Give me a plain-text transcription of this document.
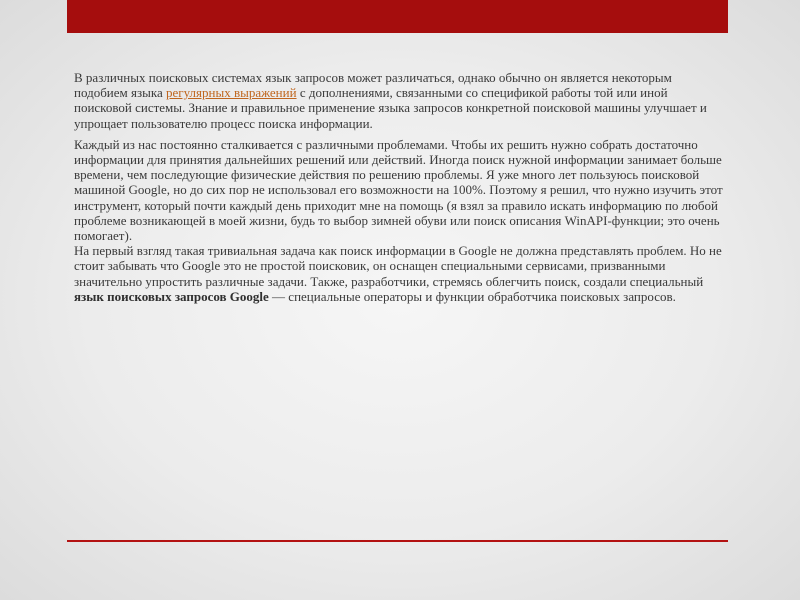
В различных поисковых системах язык запросов может различаться, однако обычно он является некоторым подобием языка регулярных выражений с дополнениями, связанными со спецификой работы той или иной поисковой системы. Знание и правильное применение языка запросов конкретной поисковой машины улучшает и упрощает пользователю процесс поиска информации.

Каждый из нас постоянно сталкивается с различными проблемами. Чтобы их решить нужно собрать достаточно информации для принятия дальнейших решений или действий. Иногда поиск нужной информации занимает больше времени, чем последующие физические действия по решению проблемы. Я уже много лет пользуюсь поисковой машиной Google, но до сих пор не использовал его возможности на 100%. Поэтому я решил, что нужно изучить этот инструмент, который почти каждый день приходит мне на помощь (я взял за правило искать информацию по любой проблеме возникающей в моей жизни, будь то выбор зимней обуви или поиск описания WinAPI-функции; это очень помогает).

На первый взгляд такая тривиальная задача как поиск информации в Google не должна представлять проблем. Но не стоит забывать что Google это не простой поисковик, он оснащен специальными сервисами, призванными значительно упростить различные задачи. Также, разработчики, стремясь облегчить поиск, создали специальный язык поисковых запросов Google — специальные операторы и функции обработчика поисковых запросов.
